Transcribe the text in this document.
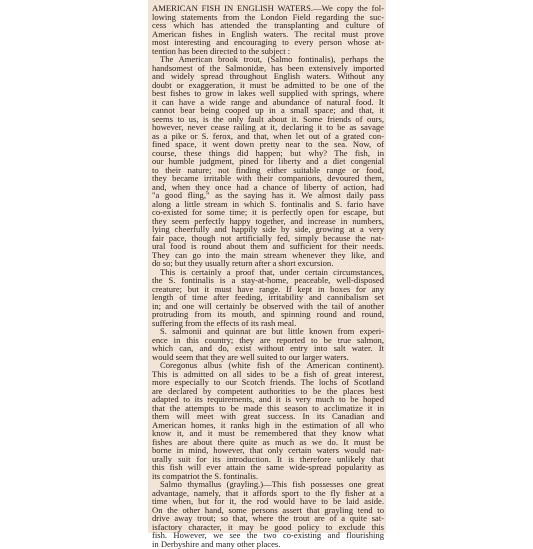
AMERICAN FISH IN ENGLISH WATERS.—We copy the fol-
lowing statements from the London Field regarding the suc-
cess which has attended the transplanting and culture of
American fishes in English waters. The recital must prove
most interesting and encouraging to every person whose at-
tention has been directed to the subject :
The American brook trout, (Salmo fontinalis), perhaps the
handsomest of the Salmonidæ, has been extensively imported
and widely spread throughout English waters. Without any
doubt or exaggeration, it must be admitted to be one of the
best fishes to grow in lakes well supplied with springs, where
it can have a wide range and abundance of natural food. It
cannot bear being cooped up in a small space; and that, it
seems to us, is the only fault about it. Some friends of ours,
however, never cease railing at it, declaring it to be as savage
as a pike or S. ferox, and that, when let out of a grated con-
fined space, it went down pretty near to the sea. Now, of
course, these things did happen; but why? The fish, in
our humble judgment, pined for liberty and a diet congenial
to their nature; not finding either suitable range or food,
they became irritable with their companions, devoured them,
and, when they once had a chance of liberty of action, had
"a good fling," as the saying has it. We almost daily pass
along a little stream in which S. fontinalis and S. fario have
co-existed for some time; it is perfectly open for escape, but
they seem perfectly happy together, and increase in numbers,
lying cheerfully and happily side by side, growing at a very
fair pace, though not artificially fed, simply because the nat-
ural food is round about them and sufficient for their needs.
They can go into the main stream whenever they like, and
do so; but they usually return after a short excursion.
This is certainly a proof that, under certain circumstances,
the S. fontinalis is a stay-at-home, peaceable, well-disposed
creature; but it must have range. If kept in boxes for any
length of time after feeding, irritability and cannibalism set
in; and one will certainly be observed with the tail of another
protruding from its mouth, and spinning round and round,
suffering from the effects of its rash meal.
S. salmonii and quinnat are but little known from experi-
ence in this country; they are reported to be true salmon,
which can, and do, exist without entry into salt water. It
would seem that they are well suited to our larger waters.
Coregonus albus (white fish of the American continent).
This is admitted on all sides to be a fish of great interest,
more especially to our Scotch friends. The lochs of Scotland
are declared by competent authorities to be the places best
adapted to its requirements, and it is very much to be hoped
that the attempts to be made this season to acclimatize it in
them will meet with great success. In its Canadian and
American homes, it ranks high in the estimation of all who
know it, and it must be remembered that they know what
fishes are about there quite as much as we do. It must be
borne in mind, however, that only certain waters would nat-
urally suit for its introduction. It is therefore unlikely that
this fish will ever attain the same wide-spread popularity as
its compatriot the S. fontinalis.
Salmo thymallus (grayling.)—This fish possesses one great
advantage, namely, that it affords sport to the fly fisher at a
time when, but for it, the rod would have to be laid aside.
On the other hand, some persons assert that grayling tend to
drive away trout; so that, where the trout are of a quite sat-
isfactory character, it may be good policy to exclude this
fish. However, we see the two co-existing and flourishing
in Derbyshire and many other places.
